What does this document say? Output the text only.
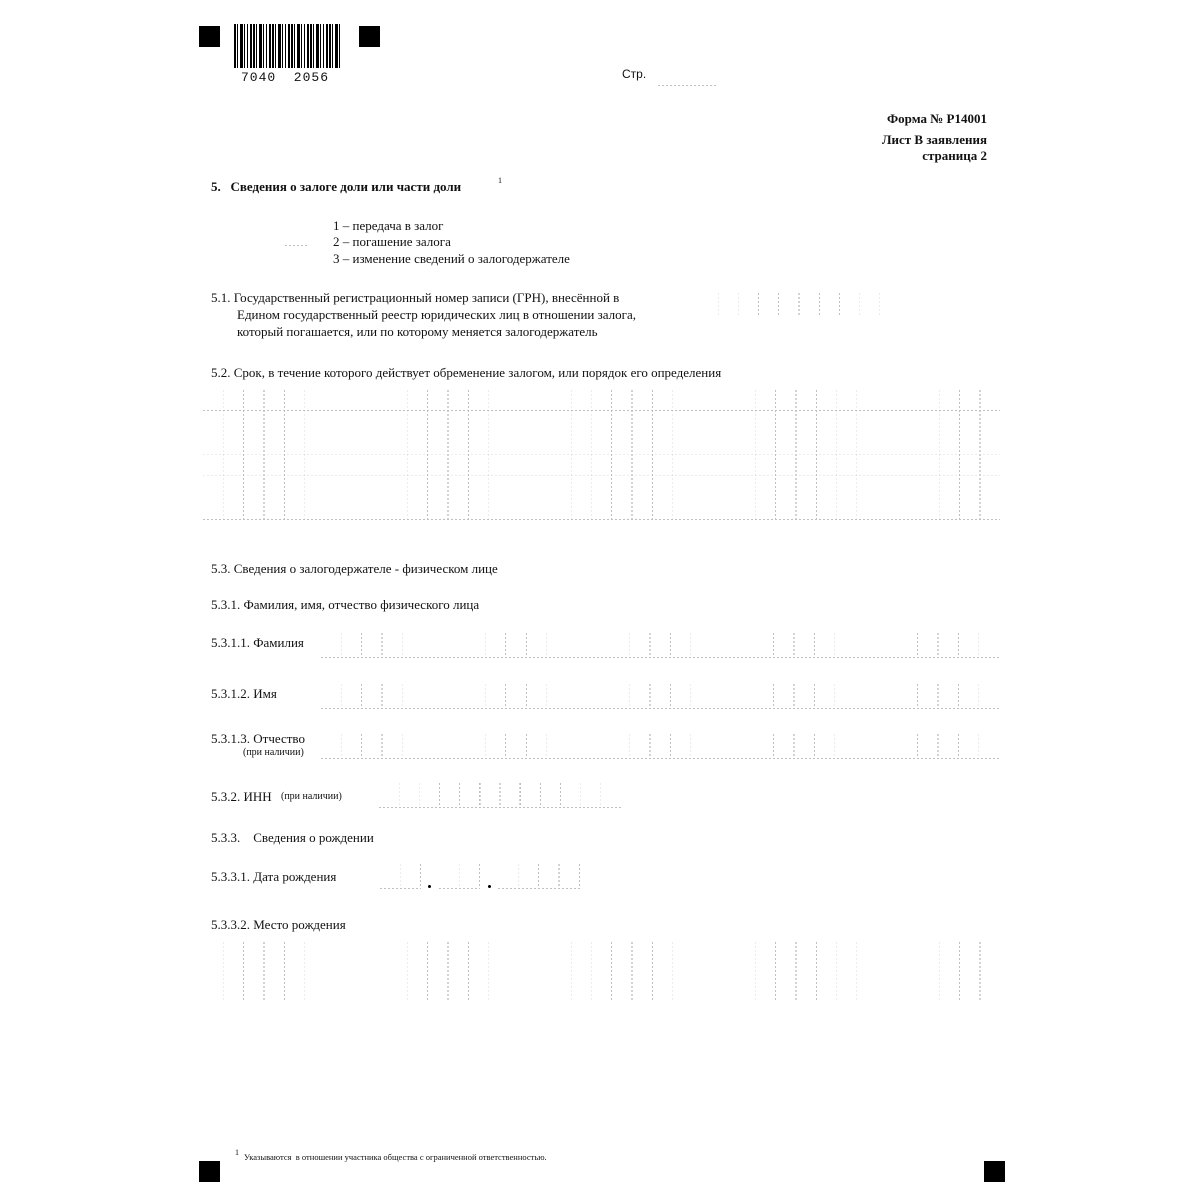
7040  2056	Стр.
Форма № Р14001
Лист В заявления
страница 2
5.   Сведения о залоге доли или части доли	1
1 – передача в залог
2 – погашение залога
3 – изменение сведений о залогодержателе
5.1. Государственный регистрационный номер записи (ГРН), внесённой в
Едином государственный реестр юридических лиц в отношении залога,
который погашается, или по которому меняется залогодержатель
5.2. Срок, в течение которого действует обременение залогом, или порядок его определения
5.3. Сведения о залогодержателе - физическом лице
5.3.1. Фамилия, имя, отчество физического лица
5.3.1.1. Фамилия
5.3.1.2. Имя
5.3.1.3. Отчество
(при наличии)
5.3.2. ИНН (при наличии)
5.3.3.    Сведения о рождении
5.3.3.1. Дата рождения
5.3.3.2. Место рождения
1 Указываются  в отношении участника общества с ограниченной ответственностью.
